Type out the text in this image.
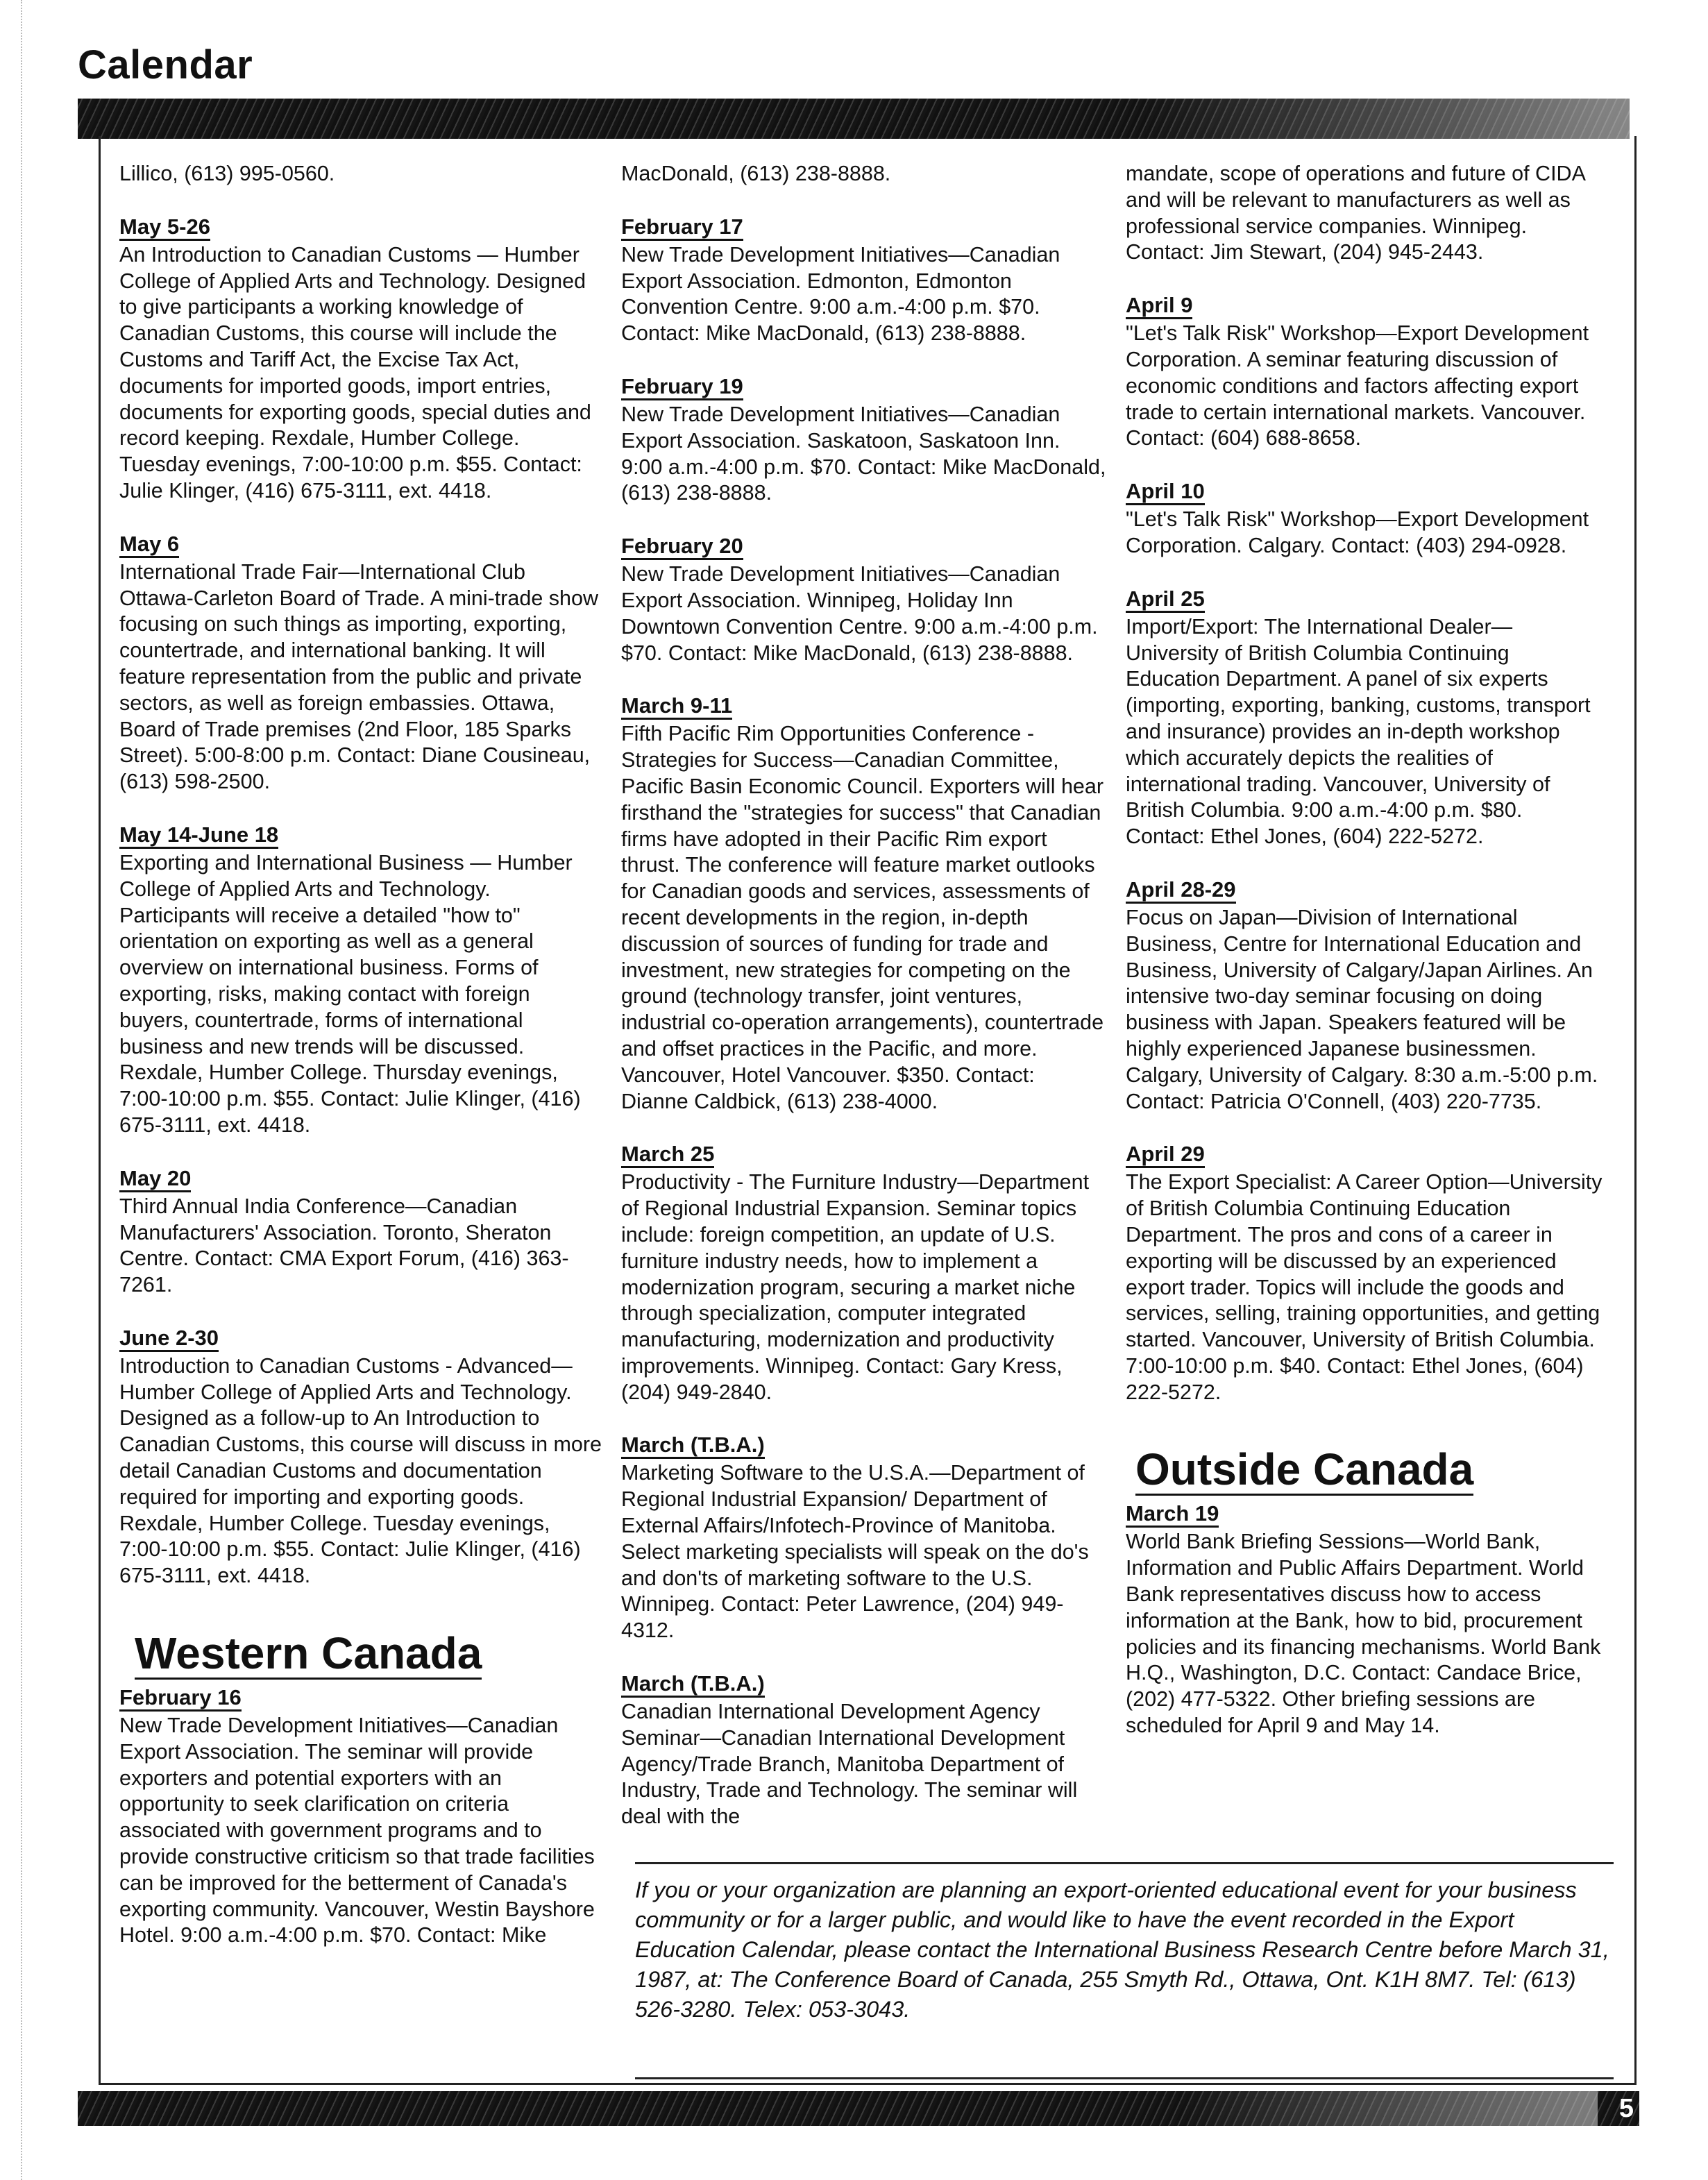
Calendar

Lillico, (613) 995-0560.

May 5-26

An Introduction to Canadian Customs — Humber College of Applied Arts and Technology. Designed to give participants a working knowledge of Canadian Customs, this course will include the Customs and Tariff Act, the Excise Tax Act, documents for imported goods, import entries, documents for exporting goods, special duties and record keeping. Rexdale, Humber College. Tuesday evenings, 7:00-10:00 p.m. $55. Contact: Julie Klinger, (416) 675-3111, ext. 4418.

May 6

International Trade Fair—International Club Ottawa-Carleton Board of Trade. A mini-trade show focusing on such things as importing, exporting, countertrade, and international banking. It will feature representation from the public and private sectors, as well as foreign embassies. Ottawa, Board of Trade premises (2nd Floor, 185 Sparks Street). 5:00-8:00 p.m. Contact: Diane Cousineau, (613) 598-2500.

May 14-June 18

Exporting and International Business — Humber College of Applied Arts and Technology. Participants will receive a detailed "how to" orientation on exporting as well as a general overview on international business. Forms of exporting, risks, making contact with foreign buyers, countertrade, forms of international business and new trends will be discussed. Rexdale, Humber College. Thursday evenings, 7:00-10:00 p.m. $55. Contact: Julie Klinger, (416) 675-3111, ext. 4418.

May 20

Third Annual India Conference—Canadian Manufacturers' Association. Toronto, Sheraton Centre. Contact: CMA Export Forum, (416) 363-7261.

June 2-30

Introduction to Canadian Customs - Advanced—Humber College of Applied Arts and Technology. Designed as a follow-up to An Introduction to Canadian Customs, this course will discuss in more detail Canadian Customs and documentation required for importing and exporting goods. Rexdale, Humber College. Tuesday evenings, 7:00-10:00 p.m. $55. Contact: Julie Klinger, (416) 675-3111, ext. 4418.

Western Canada

February 16

New Trade Development Initiatives—Canadian Export Association. The seminar will provide exporters and potential exporters with an opportunity to seek clarification on criteria associated with government programs and to provide constructive criticism so that trade facilities can be improved for the betterment of Canada's exporting community. Vancouver, Westin Bayshore Hotel. 9:00 a.m.-4:00 p.m. $70. Contact: Mike

MacDonald, (613) 238-8888.

February 17

New Trade Development Initiatives—Canadian Export Association. Edmonton, Edmonton Convention Centre. 9:00 a.m.-4:00 p.m. $70. Contact: Mike MacDonald, (613) 238-8888.

February 19

New Trade Development Initiatives—Canadian Export Association. Saskatoon, Saskatoon Inn. 9:00 a.m.-4:00 p.m. $70. Contact: Mike MacDonald, (613) 238-8888.

February 20

New Trade Development Initiatives—Canadian Export Association. Winnipeg, Holiday Inn Downtown Convention Centre. 9:00 a.m.-4:00 p.m. $70. Contact: Mike MacDonald, (613) 238-8888.

March 9-11

Fifth Pacific Rim Opportunities Conference - Strategies for Success—Canadian Committee, Pacific Basin Economic Council. Exporters will hear firsthand the "strategies for success" that Canadian firms have adopted in their Pacific Rim export thrust. The conference will feature market outlooks for Canadian goods and services, assessments of recent developments in the region, in-depth discussion of sources of funding for trade and investment, new strategies for competing on the ground (technology transfer, joint ventures, industrial co-operation arrangements), countertrade and offset practices in the Pacific, and more. Vancouver, Hotel Vancouver. $350. Contact: Dianne Caldbick, (613) 238-4000.

March 25

Productivity - The Furniture Industry—Department of Regional Industrial Expansion. Seminar topics include: foreign competition, an update of U.S. furniture industry needs, how to implement a modernization program, securing a market niche through specialization, computer integrated manufacturing, modernization and productivity improvements. Winnipeg. Contact: Gary Kress, (204) 949-2840.

March (T.B.A.)

Marketing Software to the U.S.A.—Department of Regional Industrial Expansion/ Department of External Affairs/Infotech-Province of Manitoba. Select marketing specialists will speak on the do's and don'ts of marketing software to the U.S. Winnipeg. Contact: Peter Lawrence, (204) 949-4312.

March (T.B.A.)

Canadian International Development Agency Seminar—Canadian International Development Agency/Trade Branch, Manitoba Department of Industry, Trade and Technology. The seminar will deal with the

mandate, scope of operations and future of CIDA and will be relevant to manufacturers as well as professional service companies. Winnipeg. Contact: Jim Stewart, (204) 945-2443.

April 9

"Let's Talk Risk" Workshop—Export Development Corporation. A seminar featuring discussion of economic conditions and factors affecting export trade to certain international markets. Vancouver. Contact: (604) 688-8658.

April 10

"Let's Talk Risk" Workshop—Export Development Corporation. Calgary. Contact: (403) 294-0928.

April 25

Import/Export: The International Dealer—University of British Columbia Continuing Education Department. A panel of six experts (importing, exporting, banking, customs, transport and insurance) provides an in-depth workshop which accurately depicts the realities of international trading. Vancouver, University of British Columbia. 9:00 a.m.-4:00 p.m. $80. Contact: Ethel Jones, (604) 222-5272.

April 28-29

Focus on Japan—Division of International Business, Centre for International Education and Business, University of Calgary/Japan Airlines. An intensive two-day seminar focusing on doing business with Japan. Speakers featured will be highly experienced Japanese businessmen. Calgary, University of Calgary. 8:30 a.m.-5:00 p.m. Contact: Patricia O'Connell, (403) 220-7735.

April 29

The Export Specialist: A Career Option—University of British Columbia Continuing Education Department. The pros and cons of a career in exporting will be discussed by an experienced export trader. Topics will include the goods and services, selling, training opportunities, and getting started. Vancouver, University of British Columbia. 7:00-10:00 p.m. $40. Contact: Ethel Jones, (604) 222-5272.

Outside Canada

March 19

World Bank Briefing Sessions—World Bank, Information and Public Affairs Department. World Bank representatives discuss how to access information at the Bank, how to bid, procurement policies and its financing mechanisms. World Bank H.Q., Washington, D.C. Contact: Candace Brice, (202) 477-5322. Other briefing sessions are scheduled for April 9 and May 14.

If you or your organization are planning an export-oriented educational event for your business community or for a larger public, and would like to have the event recorded in the Export Education Calendar, please contact the International Business Research Centre before March 31, 1987, at: The Conference Board of Canada, 255 Smyth Rd., Ottawa, Ont. K1H 8M7. Tel: (613) 526-3280. Telex: 053-3043.
5
